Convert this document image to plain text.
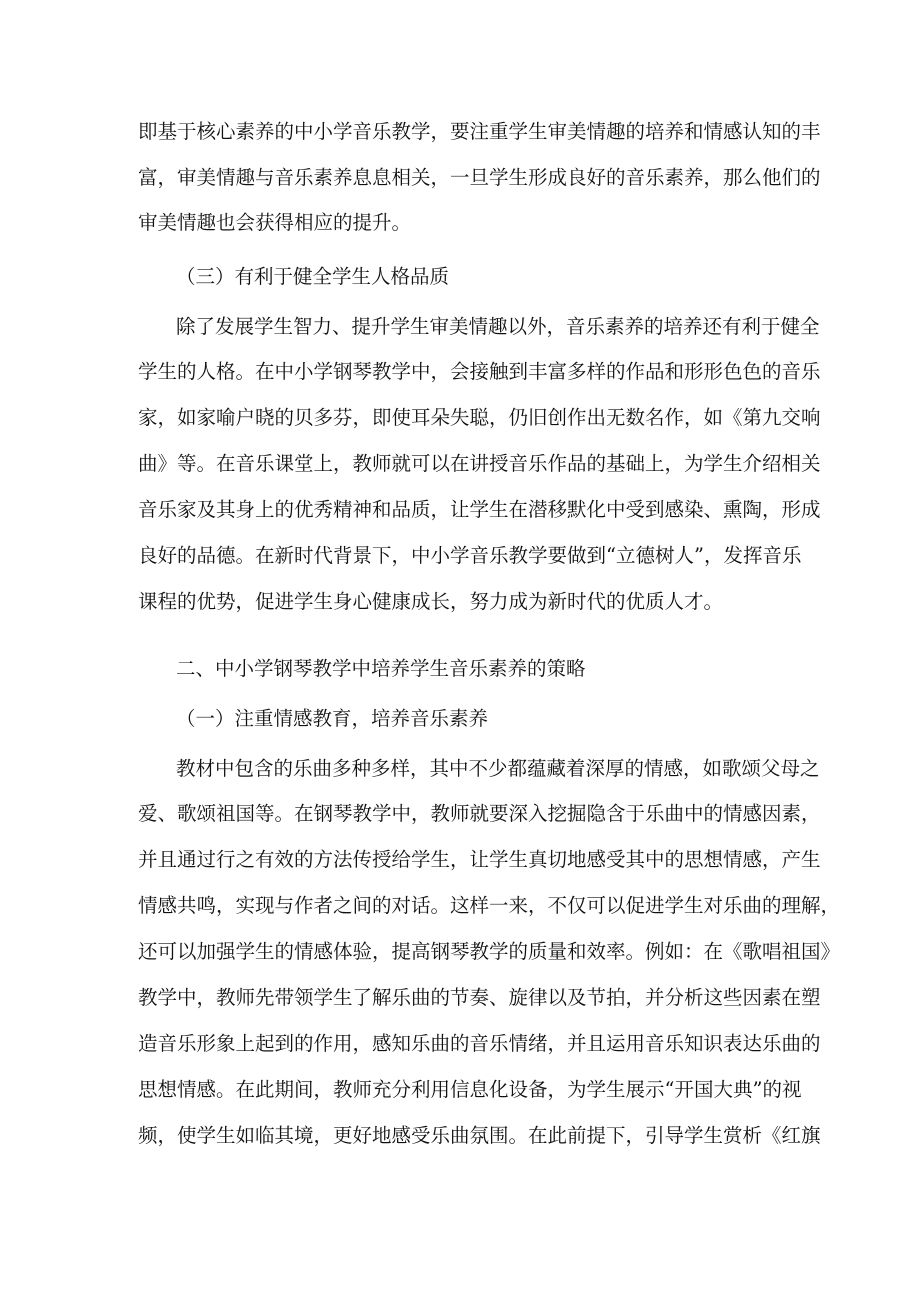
即基于核心素养的中小学音乐教学，要注重学生审美情趣的培养和情感认知的丰
富，审美情趣与音乐素养息息相关，一旦学生形成良好的音乐素养，那么他们的
审美情趣也会获得相应的提升。
（三）有利于健全学生人格品质
除了发展学生智力、提升学生审美情趣以外，音乐素养的培养还有利于健全
学生的人格。在中小学钢琴教学中，会接触到丰富多样的作品和形形色色的音乐
家，如家喻户晓的贝多芬，即使耳朵失聪，仍旧创作出无数名作，如《第九交响
曲》等。在音乐课堂上，教师就可以在讲授音乐作品的基础上，为学生介绍相关
音乐家及其身上的优秀精神和品质，让学生在潜移默化中受到感染、熏陶，形成
良好的品德。在新时代背景下，中小学音乐教学要做到“立德树人”，发挥音乐
课程的优势，促进学生身心健康成长，努力成为新时代的优质人才。
二、中小学钢琴教学中培养学生音乐素养的策略
（一）注重情感教育，培养音乐素养
教材中包含的乐曲多种多样，其中不少都蕴藏着深厚的情感，如歌颂父母之
爱、歌颂祖国等。在钢琴教学中，教师就要深入挖掘隐含于乐曲中的情感因素，
并且通过行之有效的方法传授给学生，让学生真切地感受其中的思想情感，产生
情感共鸣，实现与作者之间的对话。这样一来，不仅可以促进学生对乐曲的理解，
还可以加强学生的情感体验，提高钢琴教学的质量和效率。例如：在《歌唱祖国》
教学中，教师先带领学生了解乐曲的节奏、旋律以及节拍，并分析这些因素在塑
造音乐形象上起到的作用，感知乐曲的音乐情绪，并且运用音乐知识表达乐曲的
思想情感。在此期间，教师充分利用信息化设备，为学生展示“开国大典”的视
频，使学生如临其境，更好地感受乐曲氛围。在此前提下，引导学生赏析《红旗
